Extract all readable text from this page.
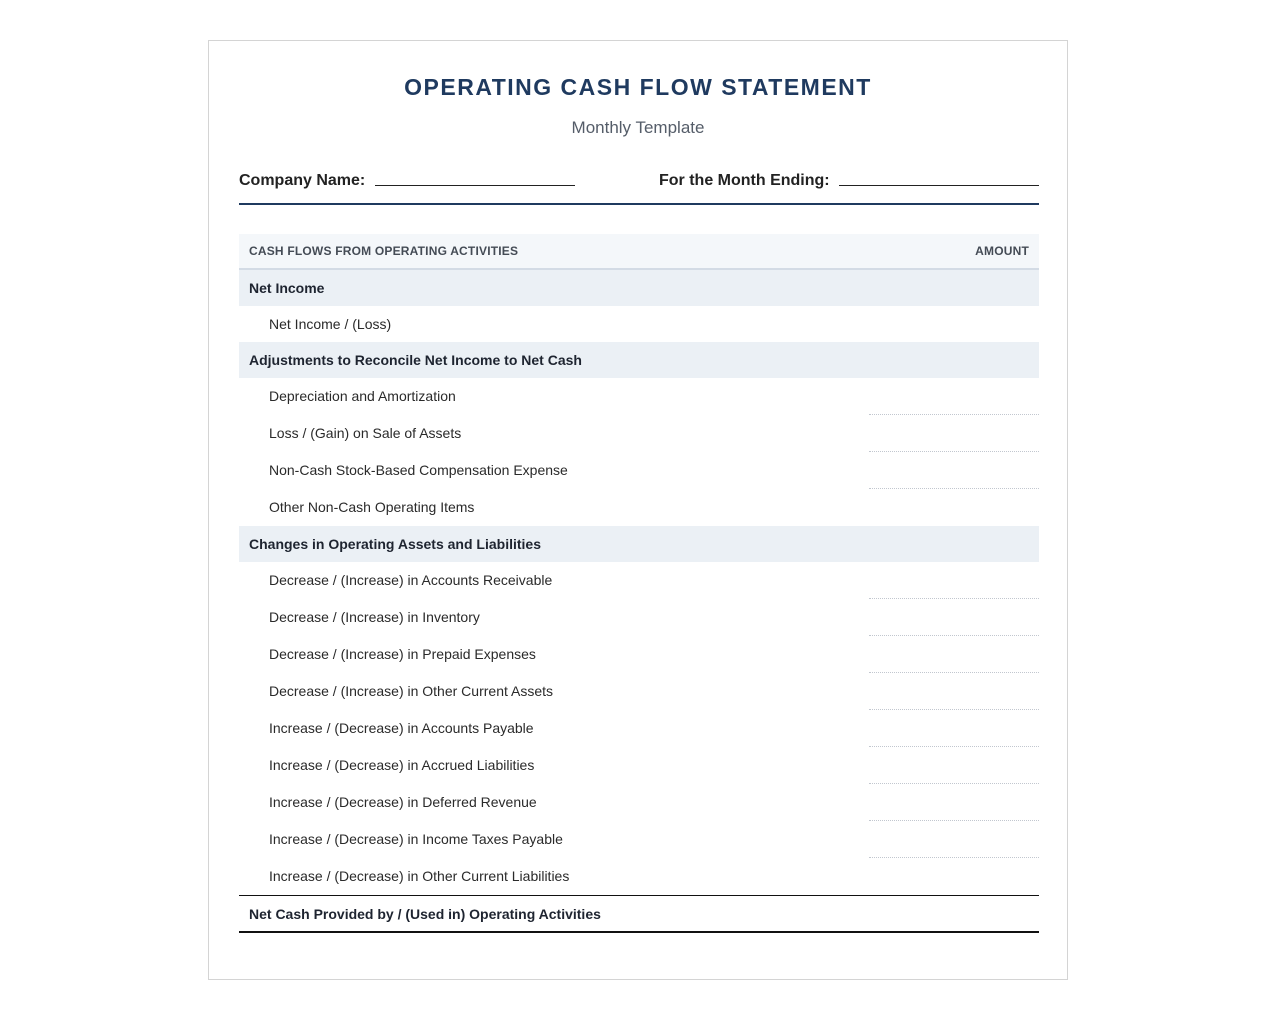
OPERATING CASH FLOW STATEMENT
Monthly Template
Company Name:	For the Month Ending:
CASH FLOWS FROM OPERATING ACTIVITIES	AMOUNT
Net Income
Net Income / (Loss)
Adjustments to Reconcile Net Income to Net Cash
Depreciation and Amortization
Loss / (Gain) on Sale of Assets
Non-Cash Stock-Based Compensation Expense
Other Non-Cash Operating Items
Changes in Operating Assets and Liabilities
Decrease / (Increase) in Accounts Receivable
Decrease / (Increase) in Inventory
Decrease / (Increase) in Prepaid Expenses
Decrease / (Increase) in Other Current Assets
Increase / (Decrease) in Accounts Payable
Increase / (Decrease) in Accrued Liabilities
Increase / (Decrease) in Deferred Revenue
Increase / (Decrease) in Income Taxes Payable
Increase / (Decrease) in Other Current Liabilities
Net Cash Provided by / (Used in) Operating Activities
